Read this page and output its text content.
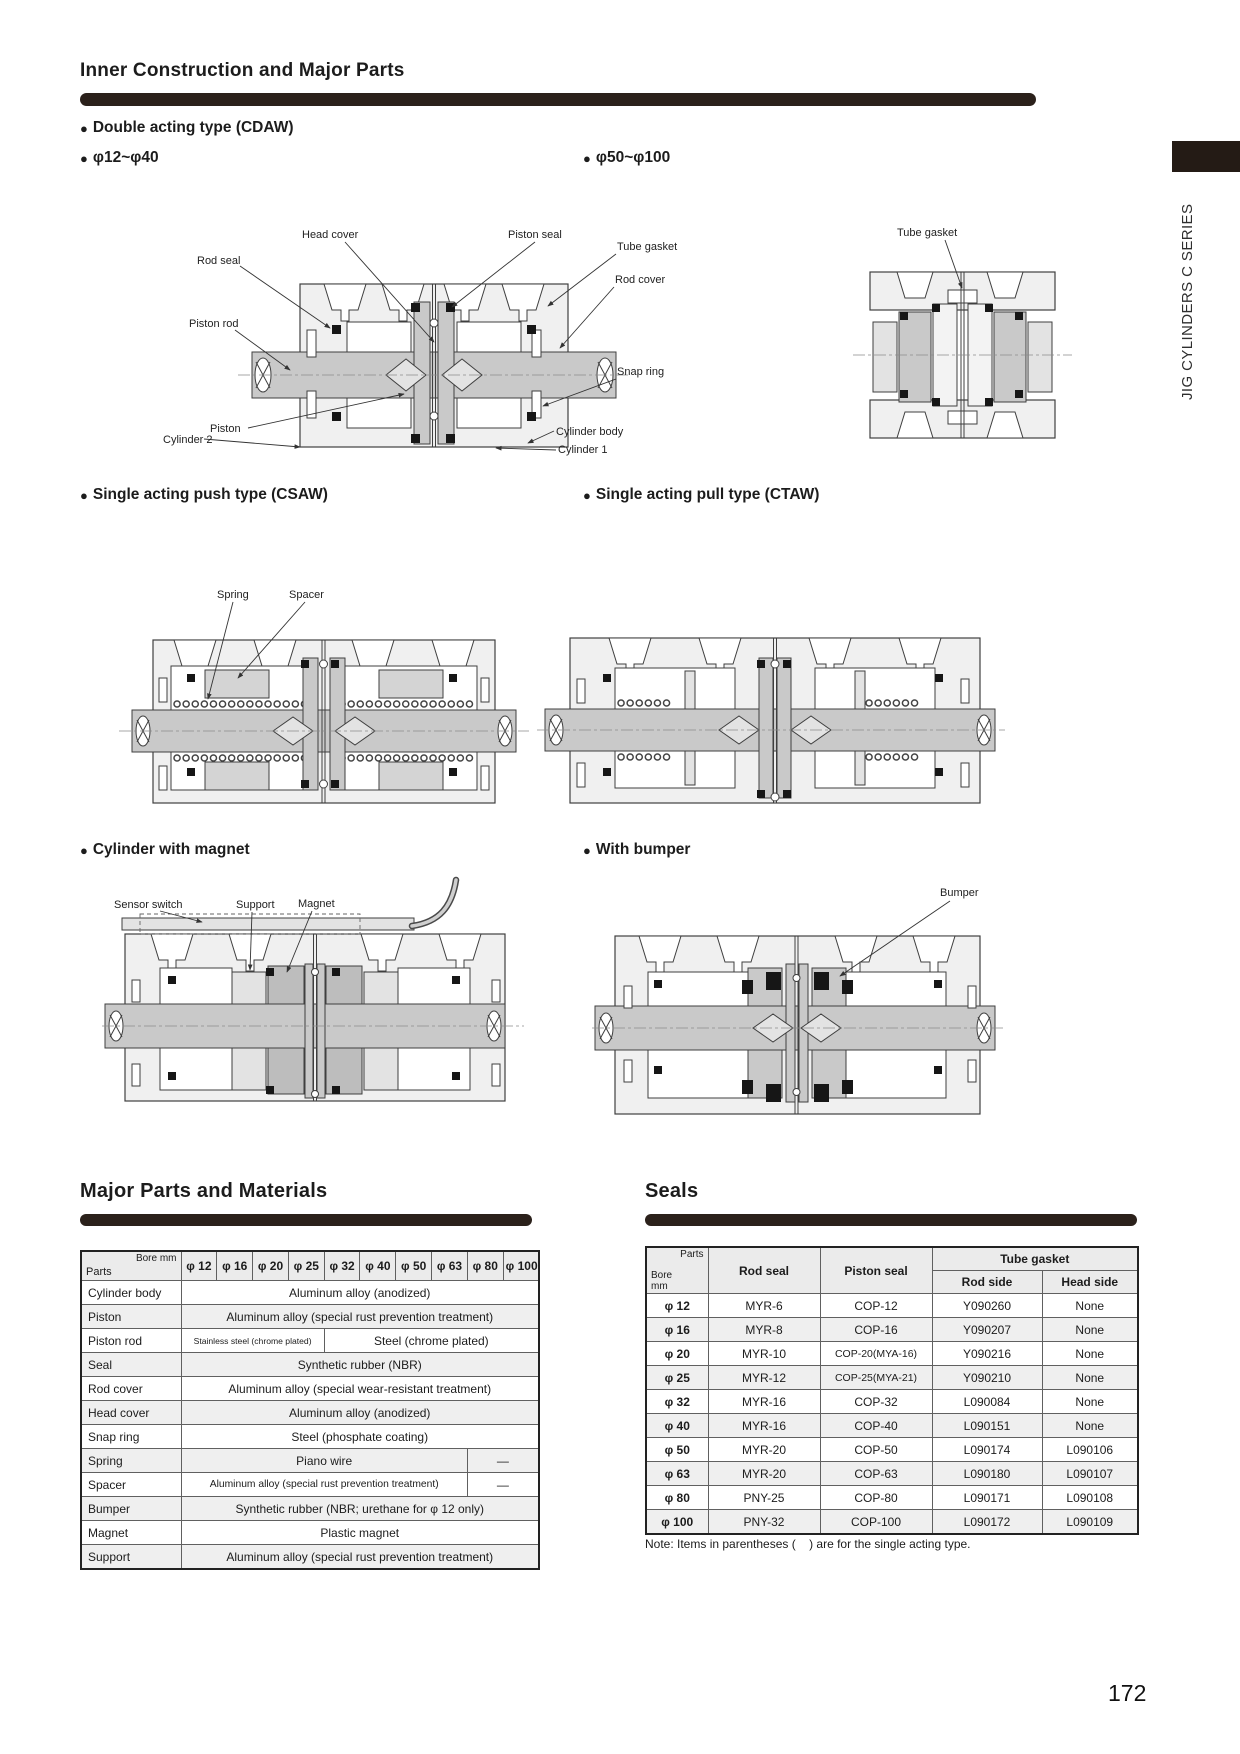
Inner Construction and Major Parts
JIG CYLINDERS C SERIES
● Double acting type (CDAW)
● φ12~φ40	● φ50~φ100
Rod seal
Head cover	Piston seal
Tube gasket
Rod cover
Piston rod
Snap ring
Piston
Cylinder 2
Cylinder body
Cylinder 1
Tube gasket
● Single acting push type (CSAW)	● Single acting pull type (CTAW)
Spring	Spacer
● Cylinder with magnet	● With bumper
Sensor switch	Support Magnet
Bumper
Major Parts and Materials
Bore mm
Parts	φ 12	φ 16	φ 20	φ 25	φ 32	φ 40	φ 50	φ 63	φ 80	φ 100
Cylinder body	Aluminum alloy (anodized)									
Piston	Aluminum alloy (special rust prevention treatment)									
Piston rod	Stainless steel (chrome plated)				Steel (chrome plated)					
Seal	Synthetic rubber (NBR)									
Rod cover	Aluminum alloy (special wear-resistant treatment)									
Head cover	Aluminum alloy (anodized)									
Snap ring	Steel (phosphate coating)									
Spring	Piano wire								—	
Spacer	Aluminum alloy (special rust prevention treatment)								—	
Bumper	Synthetic rubber (NBR; urethane for φ 12 only)									
Magnet	Plastic magnet									
Support	Aluminum alloy (special rust prevention treatment)									
Seals
Parts
Bore
mm	Rod seal	Piston seal	Tube gasket	
			Rod side	Head side
φ 12	MYR-6	COP-12	Y090260	None
φ 16	MYR-8	COP-16	Y090207	None
φ 20	MYR-10	COP-20(MYA-16)	Y090216	None
φ 25	MYR-12	COP-25(MYA-21)	Y090210	None
φ 32	MYR-16	COP-32	L090084	None
φ 40	MYR-16	COP-40	L090151	None
φ 50	MYR-20	COP-50	L090174	L090106
φ 63	MYR-20	COP-63	L090180	L090107
φ 80	PNY-25	COP-80	L090171	L090108
φ 100	PNY-32	COP-100	L090172	L090109
Note: Items in parentheses (    ) are for the single acting type.
172
